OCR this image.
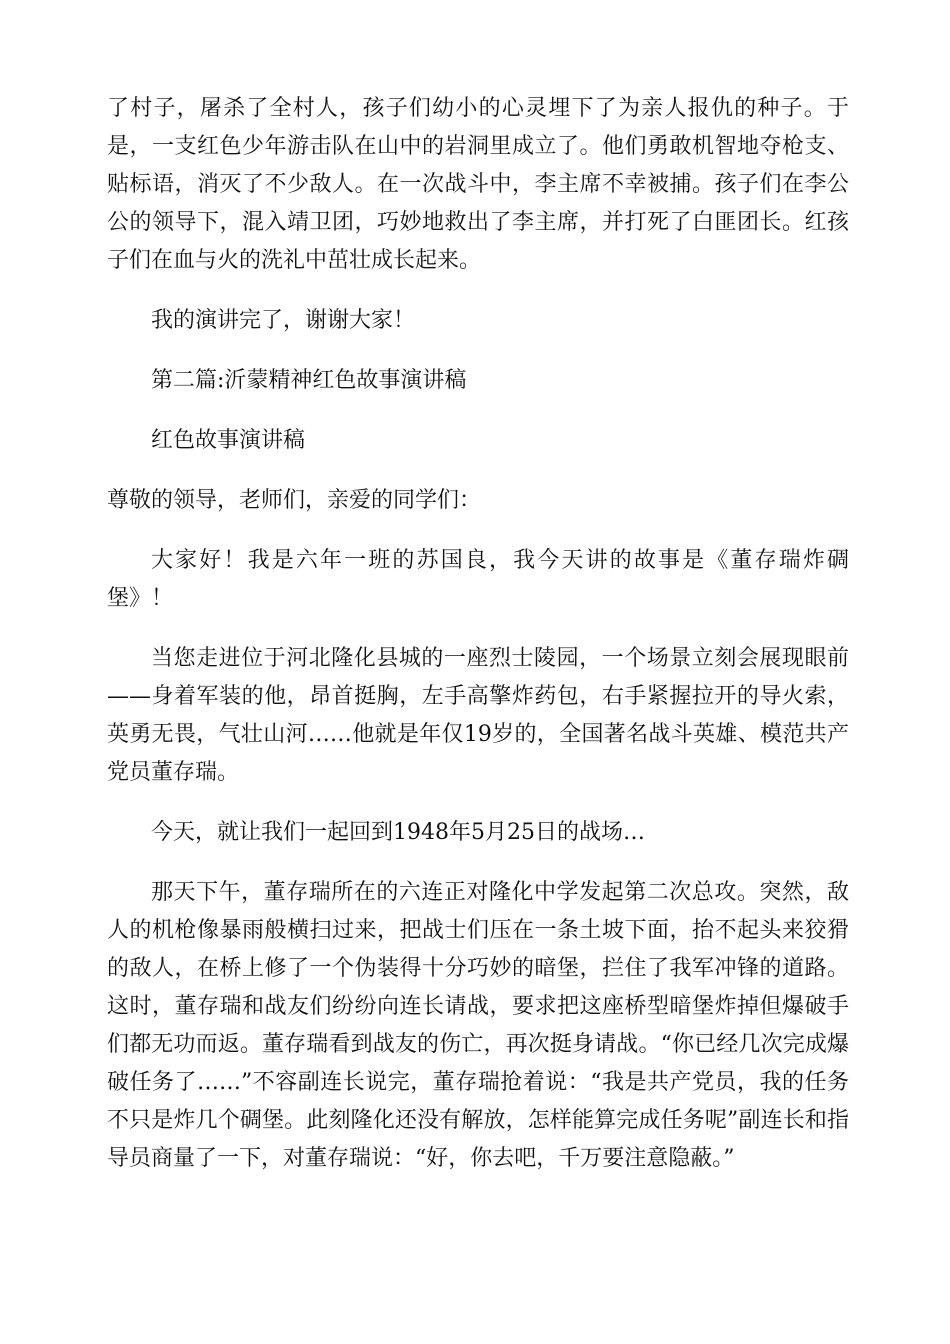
了村子，屠杀了全村人，孩子们幼小的心灵埋下了为亲人报仇的种子。于是，一支红色少年游击队在山中的岩洞里成立了。他们勇敢机智地夺枪支、贴标语，消灭了不少敌人。在一次战斗中，李主席不幸被捕。孩子们在李公公的领导下，混入靖卫团，巧妙地救出了李主席，并打死了白匪团长。红孩子们在血与火的洗礼中茁壮成长起来。

我的演讲完了，谢谢大家！

第二篇:沂蒙精神红色故事演讲稿

红色故事演讲稿

尊敬的领导，老师们，亲爱的同学们：

大家好！我是六年一班的苏国良，我今天讲的故事是《董存瑞炸碉堡》！

当您走进位于河北隆化县城的一座烈士陵园，一个场景立刻会展现眼前——身着军装的他，昂首挺胸，左手高擎炸药包，右手紧握拉开的导火索，英勇无畏，气壮山河……他就是年仅19岁的，全国著名战斗英雄、模范共产党员董存瑞。

今天，就让我们一起回到1948年5月25日的战场…

那天下午，董存瑞所在的六连正对隆化中学发起第二次总攻。突然，敌人的机枪像暴雨般横扫过来，把战士们压在一条土坡下面，抬不起头来狡猾的敌人，在桥上修了一个伪装得十分巧妙的暗堡，拦住了我军冲锋的道路。这时，董存瑞和战友们纷纷向连长请战，要求把这座桥型暗堡炸掉但爆破手们都无功而返。董存瑞看到战友的伤亡，再次挺身请战。“你已经几次完成爆破任务了……”不容副连长说完，董存瑞抢着说：“我是共产党员，我的任务不只是炸几个碉堡。此刻隆化还没有解放，怎样能算完成任务呢”副连长和指导员商量了一下，对董存瑞说：“好，你去吧，千万要注意隐蔽。”
